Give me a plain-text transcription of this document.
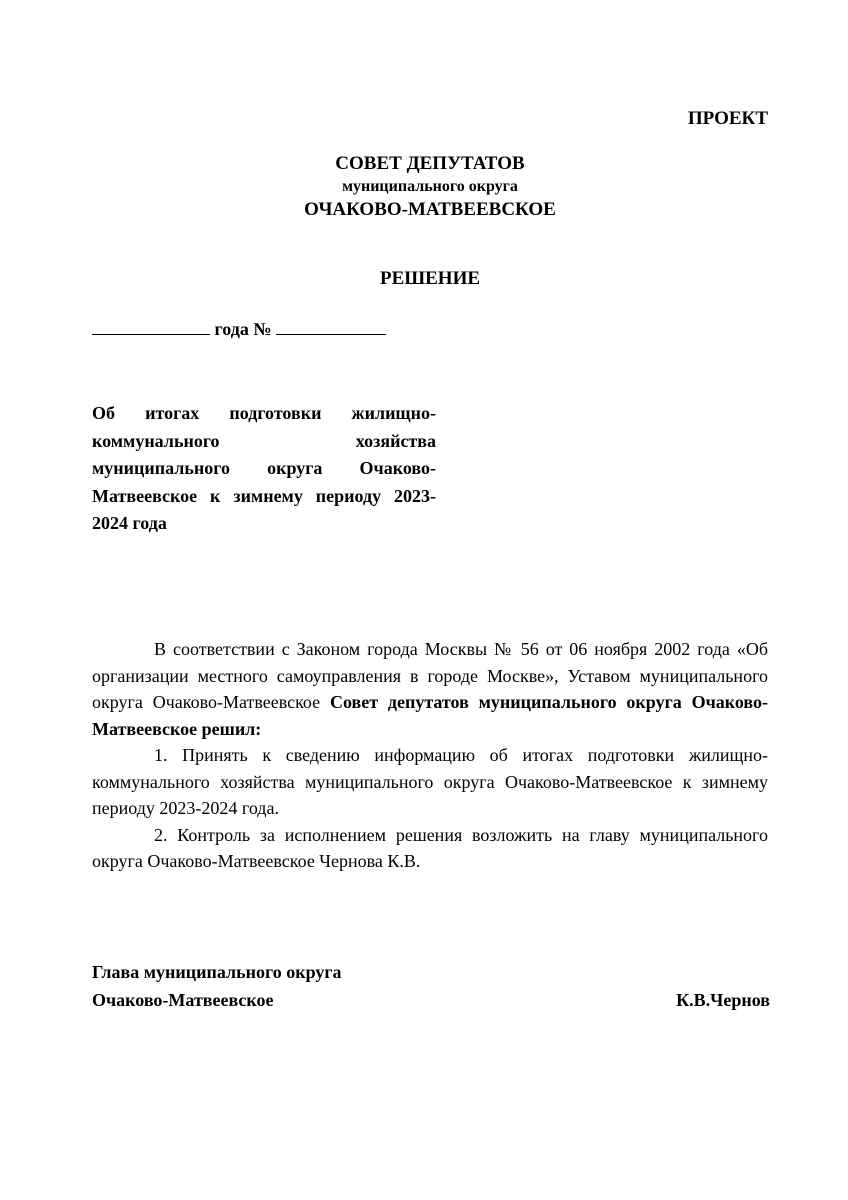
ПРОЕКТ
СОВЕТ ДЕПУТАТОВ
муниципального округа
ОЧАКОВО-МАТВЕЕВСКОЕ
РЕШЕНИЕ
года №
Об итогах подготовки жилищно-коммунального хозяйства муниципального округа Очаково-Матвеевское к зимнему периоду 2023-2024 года

В соответствии с Законом города Москвы № 56 от 06 ноября 2002 года «Об организации местного самоуправления в городе Москве», Уставом муниципального округа Очаково-Матвеевское Совет депутатов муниципального округа Очаково-Матвеевское решил:

1. Принять к сведению информацию об итогах подготовки жилищно-коммунального хозяйства муниципального округа Очаково-Матвеевское к зимнему периоду 2023-2024 года.

2. Контроль за исполнением решения возложить на главу муниципального округа Очаково-Матвеевское Чернова К.В.

Глава муниципального округа
Очаково-Матвеевское	К.В.Чернов
